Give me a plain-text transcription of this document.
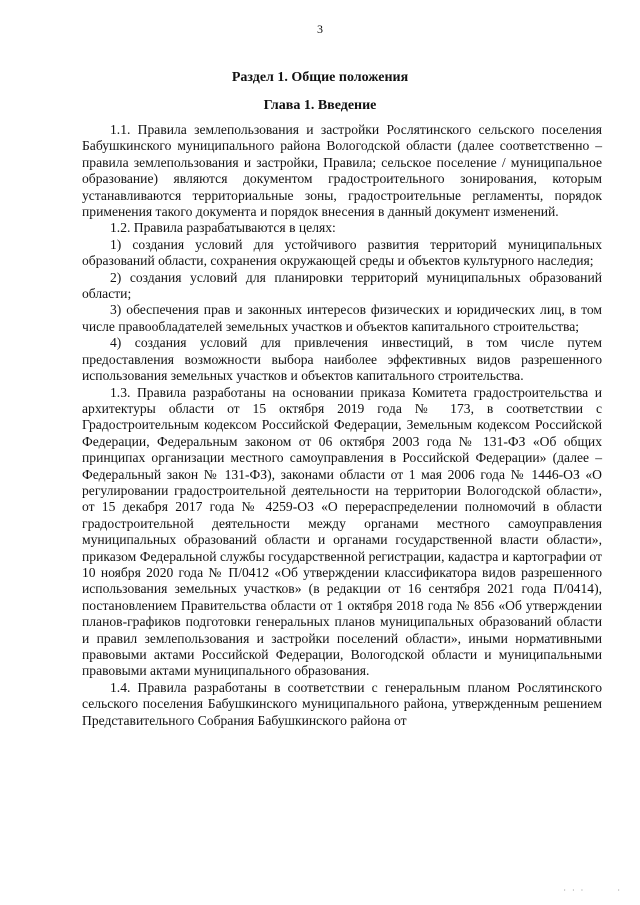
3
Раздел 1. Общие положения
Глава 1. Введение

1.1. Правила землепользования и застройки Рослятинского сельского поселения Бабушкинского муниципального района Вологодской области (далее соответственно – правила землепользования и застройки, Правила; сельское поселение / муниципальное образование) являются документом градостроительного зонирования, которым устанавливаются территориальные зоны, градостроительные регламенты, порядок применения такого документа и порядок внесения в данный документ изменений.

1.2. Правила разрабатываются в целях:

1) создания условий для устойчивого развития территорий муниципальных образований области, сохранения окружающей среды и объектов культурного наследия;

2) создания условий для планировки территорий муниципальных образований области;

3) обеспечения прав и законных интересов физических и юридических лиц, в том числе правообладателей земельных участков и объектов капитального строительства;

4) создания условий для привлечения инвестиций, в том числе путем предоставления возможности выбора наиболее эффективных видов разрешенного использования земельных участков и объектов капитального строительства.

1.3. Правила разработаны на основании приказа Комитета градостроительства и архитектуры области от 15 октября 2019 года № 173, в соответствии с Градостроительным кодексом Российской Федерации, Земельным кодексом Российской Федерации, Федеральным законом от 06 октября 2003 года № 131-ФЗ «Об общих принципах организации местного самоуправления в Российской Федерации» (далее – Федеральный закон № 131-ФЗ), законами области от 1 мая 2006 года № 1446-ОЗ «О регулировании градостроительной деятельности на территории Вологодской области», от 15 декабря 2017 года № 4259-ОЗ «О перераспределении полномочий в области градостроительной деятельности между органами местного самоуправления муниципальных образований области и органами государственной власти области», приказом Федеральной службы государственной регистрации, кадастра и картографии от 10 ноября 2020 года № П/0412 «Об утверждении классификатора видов разрешенного использования земельных участков» (в редакции от 16 сентября 2021 года П/0414), постановлением Правительства области от 1 октября 2018 года № 856 «Об утверждении планов-графиков подготовки генеральных планов муниципальных образований области и правил землепользования и застройки поселений области», иными нормативными правовыми актами Российской Федерации, Вологодской области и муниципальными правовыми актами муниципального образования.

1.4. Правила разработаны в соответствии с генеральным планом Рослятинского сельского поселения Бабушкинского муниципального района, утвержденным решением Представительного Собрания Бабушкинского района от

· · ·        ·
